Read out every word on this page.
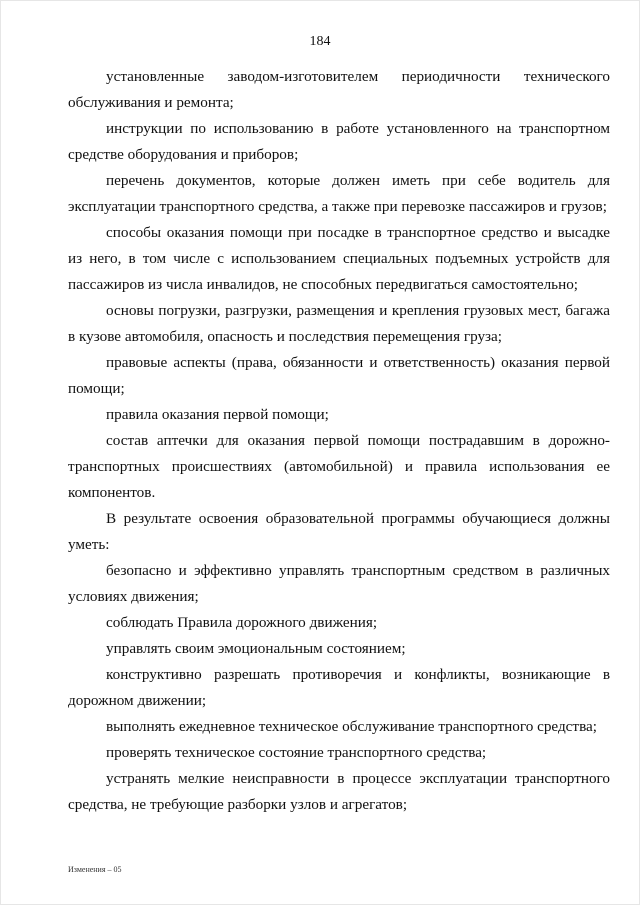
184

установленные заводом-изготовителем периодичности технического обслуживания и ремонта;

инструкции по использованию в работе установленного на транспортном средстве оборудования и приборов;

перечень документов, которые должен иметь при себе водитель для эксплуатации транспортного средства, а также при перевозке пассажиров и грузов;

способы оказания помощи при посадке в транспортное средство и высадке из него, в том числе с использованием специальных подъемных устройств для пассажиров из числа инвалидов, не способных передвигаться самостоятельно;

основы погрузки, разгрузки, размещения и крепления грузовых мест, багажа в кузове автомобиля, опасность и последствия перемещения груза;

правовые аспекты (права, обязанности и ответственность) оказания первой помощи;

правила оказания первой помощи;

состав аптечки для оказания первой помощи пострадавшим в дорожно-транспортных происшествиях (автомобильной) и правила использования ее компонентов.

В результате освоения образовательной программы обучающиеся должны уметь:

безопасно и эффективно управлять транспортным средством в различных условиях движения;

соблюдать Правила дорожного движения;

управлять своим эмоциональным состоянием;

конструктивно разрешать противоречия и конфликты, возникающие в дорожном движении;

выполнять ежедневное техническое обслуживание транспортного средства;

проверять техническое состояние транспортного средства;

устранять мелкие неисправности в процессе эксплуатации транспортного средства, не требующие разборки узлов и агрегатов;

Изменения – 05
